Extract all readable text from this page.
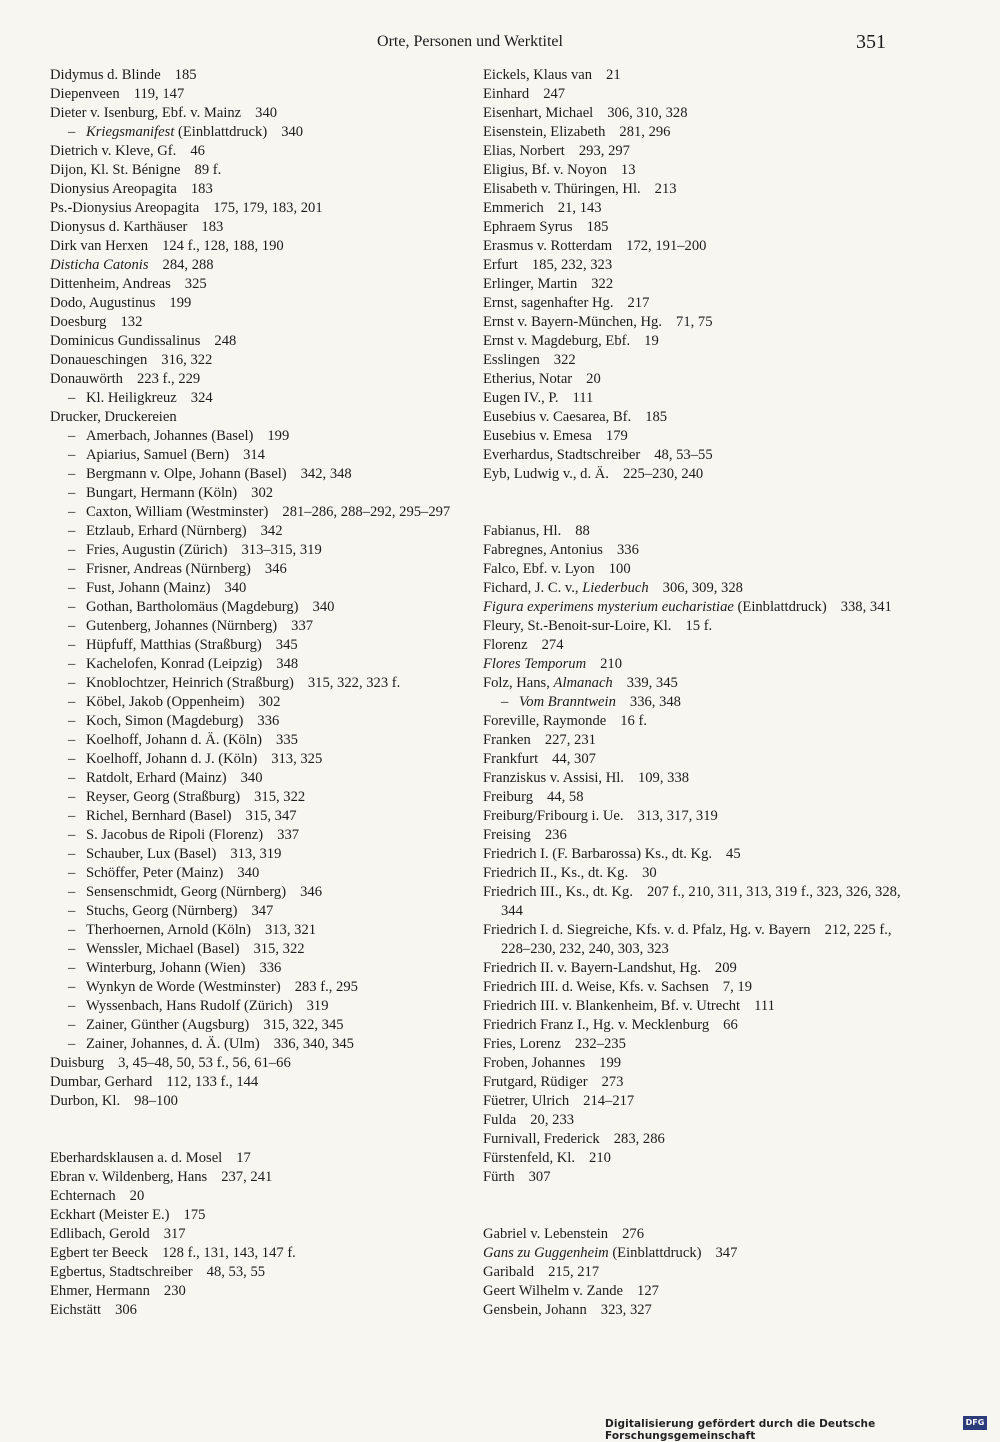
Orte, Personen und Werktitel	351
Didymus d. Blinde 185
Diepenveen 119, 147
Dieter v. Isenburg, Ebf. v. Mainz 340
– Kriegsmanifest (Einblattdruck) 340
Dietrich v. Kleve, Gf. 46
Dijon, Kl. St. Bénigne 89 f.
Dionysius Areopagita 183
Ps.-Dionysius Areopagita 175, 179, 183, 201
Dionysus d. Karthäuser 183
Dirk van Herxen 124 f., 128, 188, 190
Disticha Catonis 284, 288
Dittenheim, Andreas 325
Dodo, Augustinus 199
Doesburg 132
Dominicus Gundissalinus 248
Donaueschingen 316, 322
Donauwörth 223 f., 229
– Kl. Heiligkreuz 324
Drucker, Druckereien
– Amerbach, Johannes (Basel) 199
– Apiarius, Samuel (Bern) 314
– Bergmann v. Olpe, Johann (Basel) 342, 348
– Bungart, Hermann (Köln) 302
– Caxton, William (Westminster) 281–286, 288–292, 295–297
– Etzlaub, Erhard (Nürnberg) 342
– Fries, Augustin (Zürich) 313–315, 319
– Frisner, Andreas (Nürnberg) 346
– Fust, Johann (Mainz) 340
– Gothan, Bartholomäus (Magdeburg) 340
– Gutenberg, Johannes (Nürnberg) 337
– Hüpfuff, Matthias (Straßburg) 345
– Kachelofen, Konrad (Leipzig) 348
– Knoblochtzer, Heinrich (Straßburg) 315, 322, 323 f.
– Köbel, Jakob (Oppenheim) 302
– Koch, Simon (Magdeburg) 336
– Koelhoff, Johann d. Ä. (Köln) 335
– Koelhoff, Johann d. J. (Köln) 313, 325
– Ratdolt, Erhard (Mainz) 340
– Reyser, Georg (Straßburg) 315, 322
– Richel, Bernhard (Basel) 315, 347
– S. Jacobus de Ripoli (Florenz) 337
– Schauber, Lux (Basel) 313, 319
– Schöffer, Peter (Mainz) 340
– Sensenschmidt, Georg (Nürnberg) 346
– Stuchs, Georg (Nürnberg) 347
– Therhoernen, Arnold (Köln) 313, 321
– Wenssler, Michael (Basel) 315, 322
– Winterburg, Johann (Wien) 336
– Wynkyn de Worde (Westminster) 283 f., 295
– Wyssenbach, Hans Rudolf (Zürich) 319
– Zainer, Günther (Augsburg) 315, 322, 345
– Zainer, Johannes, d. Ä. (Ulm) 336, 340, 345
Duisburg 3, 45–48, 50, 53 f., 56, 61–66
Dumbar, Gerhard 112, 133 f., 144
Durbon, Kl. 98–100
Eberhardsklausen a. d. Mosel 17
Ebran v. Wildenberg, Hans 237, 241
Echternach 20
Eckhart (Meister E.) 175
Edlibach, Gerold 317
Egbert ter Beeck 128 f., 131, 143, 147 f.
Egbertus, Stadtschreiber 48, 53, 55
Ehmer, Hermann 230
Eichstätt 306
Eickels, Klaus van 21
Einhard 247
Eisenhart, Michael 306, 310, 328
Eisenstein, Elizabeth 281, 296
Elias, Norbert 293, 297
Eligius, Bf. v. Noyon 13
Elisabeth v. Thüringen, Hl. 213
Emmerich 21, 143
Ephraem Syrus 185
Erasmus v. Rotterdam 172, 191–200
Erfurt 185, 232, 323
Erlinger, Martin 322
Ernst, sagenhafter Hg. 217
Ernst v. Bayern-München, Hg. 71, 75
Ernst v. Magdeburg, Ebf. 19
Esslingen 322
Etherius, Notar 20
Eugen IV., P. 111
Eusebius v. Caesarea, Bf. 185
Eusebius v. Emesa 179
Everhardus, Stadtschreiber 48, 53–55
Eyb, Ludwig v., d. Ä. 225–230, 240
Fabianus, Hl. 88
Fabregnes, Antonius 336
Falco, Ebf. v. Lyon 100
Fichard, J. C. v., Liederbuch 306, 309, 328
Figura experimens mysterium eucharistiae (Einblattdruck) 338, 341
Fleury, St.-Benoit-sur-Loire, Kl. 15 f.
Florenz 274
Flores Temporum 210
Folz, Hans, Almanach 339, 345
– Vom Branntwein 336, 348
Foreville, Raymonde 16 f.
Franken 227, 231
Frankfurt 44, 307
Franziskus v. Assisi, Hl. 109, 338
Freiburg 44, 58
Freiburg/Fribourg i. Ue. 313, 317, 319
Freising 236
Friedrich I. (F. Barbarossa) Ks., dt. Kg. 45
Friedrich II., Ks., dt. Kg. 30
Friedrich III., Ks., dt. Kg. 207 f., 210, 311, 313, 319 f., 323, 326, 328, 344
Friedrich I. d. Siegreiche, Kfs. v. d. Pfalz, Hg. v. Bayern 212, 225 f., 228–230, 232, 240, 303, 323
Friedrich II. v. Bayern-Landshut, Hg. 209
Friedrich III. d. Weise, Kfs. v. Sachsen 7, 19
Friedrich III. v. Blankenheim, Bf. v. Utrecht 111
Friedrich Franz I., Hg. v. Mecklenburg 66
Fries, Lorenz 232–235
Froben, Johannes 199
Frutgard, Rüdiger 273
Füetrer, Ulrich 214–217
Fulda 20, 233
Furnivall, Frederick 283, 286
Fürstenfeld, Kl. 210
Fürth 307
Gabriel v. Lebenstein 276
Gans zu Guggenheim (Einblattdruck) 347
Garibald 215, 217
Geert Wilhelm v. Zande 127
Gensbein, Johann 323, 327
Digitalisierung gefördert durch die Deutsche Forschungsgemeinschaft
DFG
